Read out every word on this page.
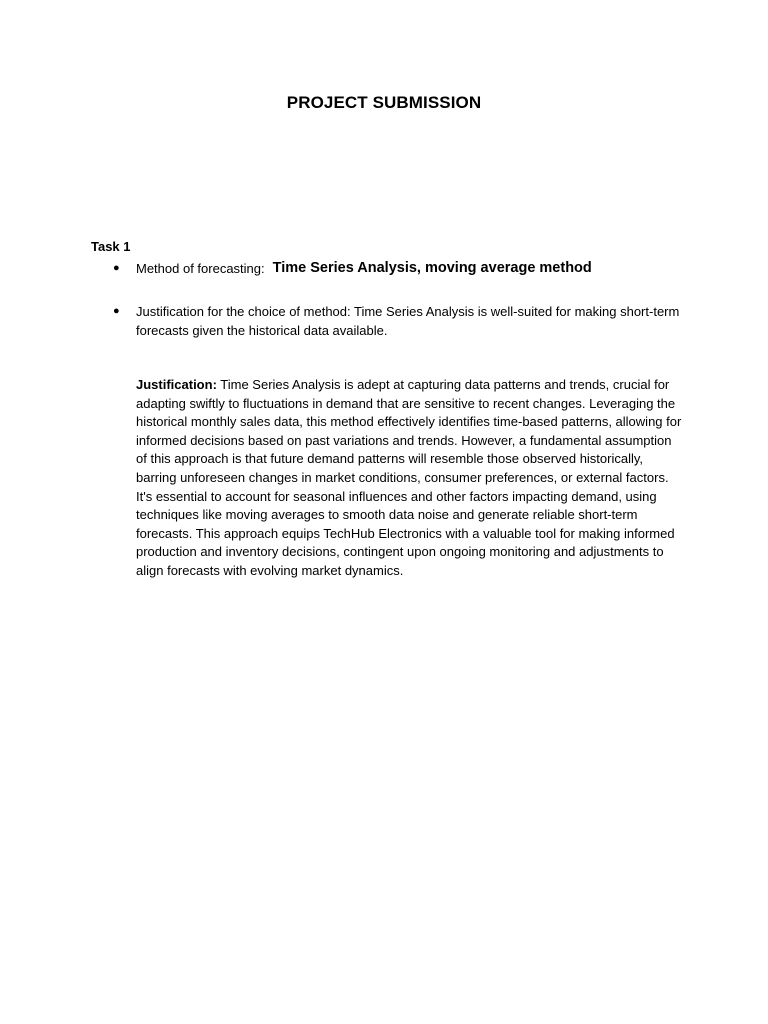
PROJECT SUBMISSION
Task 1
● Method of forecasting: Time Series Analysis, moving average method
● Justification for the choice of method: Time Series Analysis is well-suited for making short-term forecasts given the historical data available.
Justification: Time Series Analysis is adept at capturing data patterns and trends, crucial for adapting swiftly to fluctuations in demand that are sensitive to recent changes. Leveraging the historical monthly sales data, this method effectively identifies time-based patterns, allowing for informed decisions based on past variations and trends. However, a fundamental assumption of this approach is that future demand patterns will resemble those observed historically, barring unforeseen changes in market conditions, consumer preferences, or external factors. It's essential to account for seasonal influences and other factors impacting demand, using techniques like moving averages to smooth data noise and generate reliable short-term forecasts. This approach equips TechHub Electronics with a valuable tool for making informed production and inventory decisions, contingent upon ongoing monitoring and adjustments to align forecasts with evolving market dynamics.
